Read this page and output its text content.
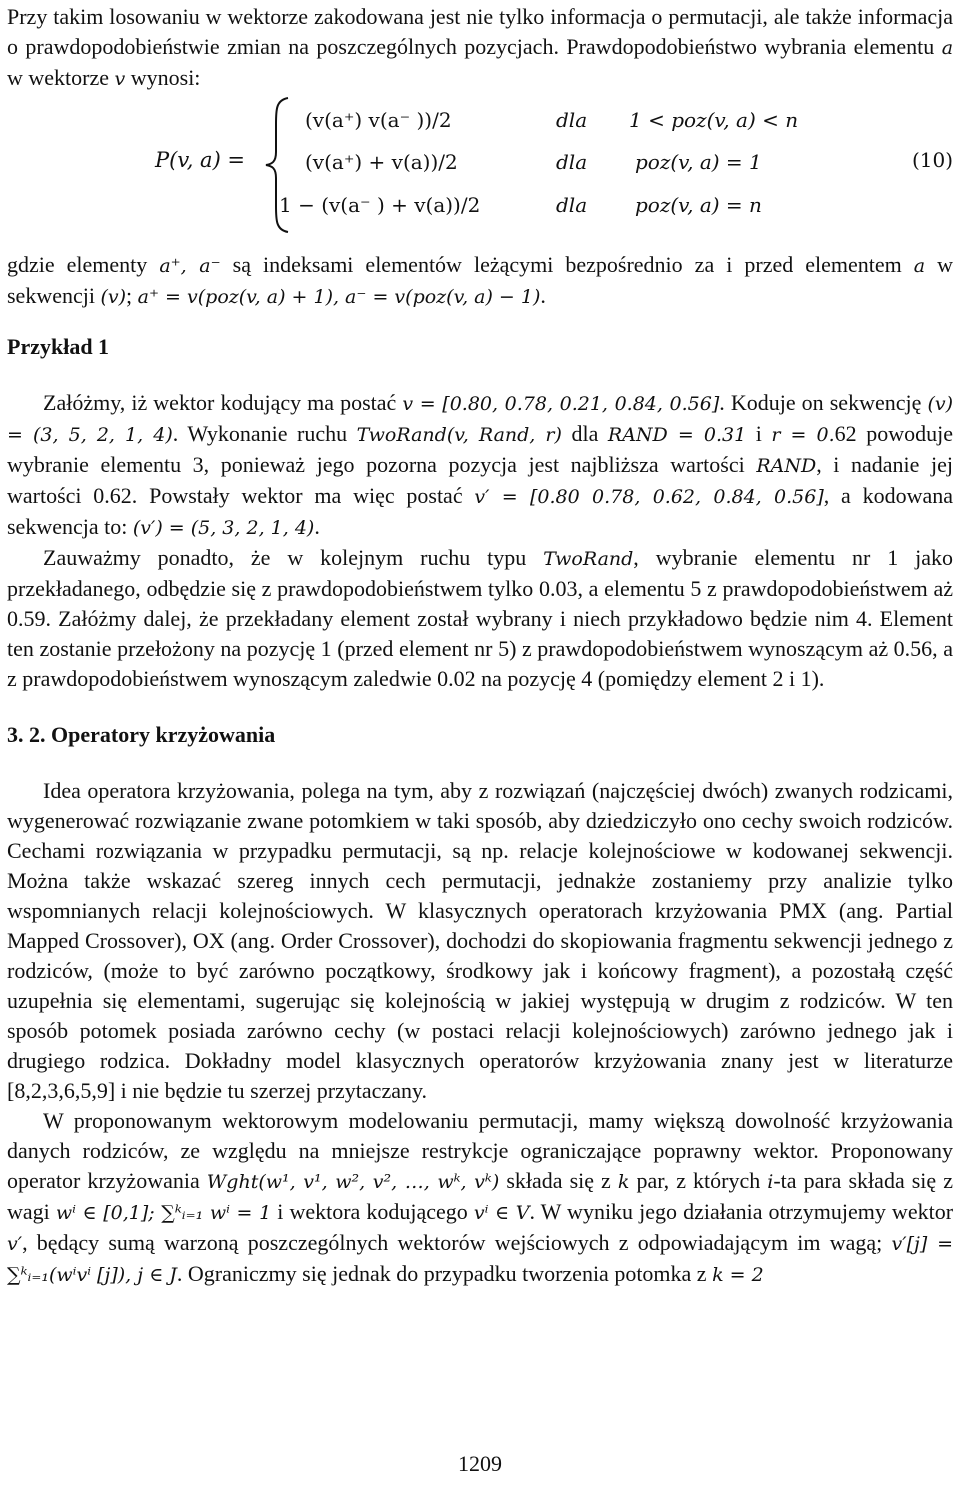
Przy takim losowaniu w wektorze zakodowana jest nie tylko informacja o permutacji, ale także informacja o prawdopodobieństwie zmian na poszczególnych pozycjach. Prawdopodobieństwo wybrania elementu a w wektorze v wynosi:

P(v, a) =
(v(a⁺) v(a⁻ ))/2	dla 1 < poz(v, a) < n
(v(a⁺) + v(a))/2	dla poz(v, a) = 1
1 − (v(a⁻ ) + v(a))/2	dla poz(v, a) = n
(10)

gdzie elementy a⁺, a⁻ są indeksami elementów leżącymi bezpośrednio za i przed elementem a w sekwencji (v); a⁺ = v(poz(v, a) + 1), a⁻ = v(poz(v, a) − 1).

Przykład 1

Załóżmy, iż wektor kodujący ma postać v = [0.80, 0.78, 0.21, 0.84, 0.56]. Koduje on sekwencję (v) = (3, 5, 2, 1, 4). Wykonanie ruchu TwoRand(v, Rand, r) dla RAND = 0.31 i r = 0.62 powoduje wybranie elementu 3, ponieważ jego pozorna pozycja jest najbliższa wartości RAND, i nadanie jej wartości 0.62. Powstały wektor ma więc postać v′ = [0.80 0.78, 0.62, 0.84, 0.56], a kodowana sekwencja to: (v′) = (5, 3, 2, 1, 4).

Zauważmy ponadto, że w kolejnym ruchu typu TwoRand, wybranie elementu nr 1 jako przekładanego, odbędzie się z prawdopodobieństwem tylko 0.03, a elementu 5 z prawdopodobieństwem aż 0.59. Załóżmy dalej, że przekładany element został wybrany i niech przykładowo będzie nim 4. Element ten zostanie przełożony na pozycję 1 (przed element nr 5) z prawdopodobieństwem wynoszącym aż 0.56, a z prawdopodobieństwem wynoszącym zaledwie 0.02 na pozycję 4 (pomiędzy element 2 i 1).

3. 2. Operatory krzyżowania

Idea operatora krzyżowania, polega na tym, aby z rozwiązań (najczęściej dwóch) zwanych rodzicami, wygenerować rozwiązanie zwane potomkiem w taki sposób, aby dziedziczyło ono cechy swoich rodziców. Cechami rozwiązania w przypadku permutacji, są np. relacje kolejnościowe w kodowanej sekwencji. Można także wskazać szereg innych cech permutacji, jednakże zostaniemy przy analizie tylko wspomnianych relacji kolejnościowych. W klasycznych operatorach krzyżowania PMX (ang. Partial Mapped Crossover), OX (ang. Order Crossover), dochodzi do skopiowania fragmentu sekwencji jednego z rodziców, (może to być zarówno początkowy, środkowy jak i końcowy fragment), a pozostałą część uzupełnia się elementami, sugerując się kolejnością w jakiej występują w drugim z rodziców. W ten sposób potomek posiada zarówno cechy (w postaci relacji kolejnościowych) zarówno jednego jak i drugiego rodzica. Dokładny model klasycznych operatorów krzyżowania znany jest w literaturze [8,2,3,6,5,9] i nie będzie tu szerzej przytaczany.

W proponowanym wektorowym modelowaniu permutacji, mamy większą dowolność krzyżowania danych rodziców, ze względu na mniejsze restrykcje ograniczające poprawny wektor. Proponowany operator krzyżowania Wght(w¹, v¹, w², v², …, wᵏ, vᵏ) składa się z k par, z których i-ta para składa się z wagi wⁱ ∈ [0,1]; ∑ᵏᵢ₌₁ wⁱ = 1 i wektora kodującego vⁱ ∈ V. W wyniku jego działania otrzymujemy wektor v′, będący sumą warzoną poszczególnych wektorów wejściowych z odpowiadającym im wagą; v′[j] = ∑ᵏᵢ₌₁(wⁱvⁱ [j]), j ∈ J. Ograniczmy się jednak do przypadku tworzenia potomka z k = 2

1209
